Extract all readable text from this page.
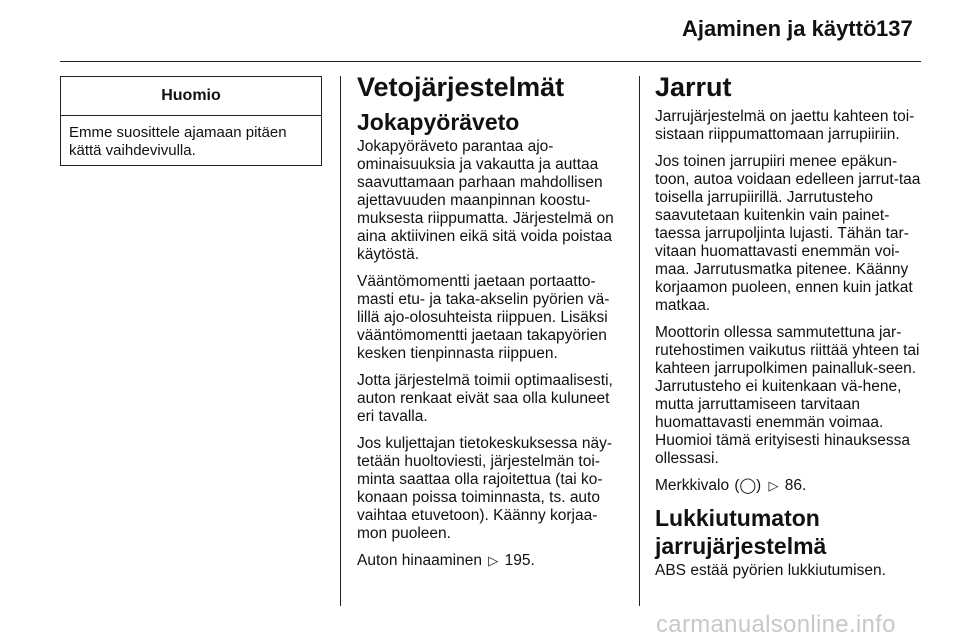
Ajaminen ja käyttö 137
Huomio
Emme suosittele ajamaan pitäen kättä vaihdevivulla.
Vetojärjestelmät
Jokapyöräveto

Jokapyöräveto parantaa ajo-ominaisuuksia ja vakautta ja auttaa saavuttamaan parhaan mahdollisen ajettavuuden maanpinnan koostu-muksesta riippumatta. Järjestelmä on aina aktiivinen eikä sitä voida poistaa käytöstä.

Vääntömomentti jaetaan portaatto-masti etu- ja taka-akselin pyörien vä-lillä ajo-olosuhteista riippuen. Lisäksi vääntömomentti jaetaan takapyörien kesken tienpinnasta riippuen.

Jotta järjestelmä toimii optimaalisesti, auton renkaat eivät saa olla kuluneet eri tavalla.

Jos kuljettajan tietokeskuksessa näy-tetään huoltoviesti, järjestelmän toi-minta saattaa olla rajoitettua (tai ko-konaan poissa toiminnasta, ts. auto vaihtaa etuvetoon). Käänny korjaa-mon puoleen.

Auton hinaaminen ▷ 195.

Jarrut

Jarrujärjestelmä on jaettu kahteen toi-sistaan riippumattomaan jarrupiiriin.

Jos toinen jarrupiiri menee epäkun-toon, autoa voidaan edelleen jarrut-taa toisella jarrupiirillä. Jarrutusteho saavutetaan kuitenkin vain painet-taessa jarrupoljinta lujasti. Tähän tar-vitaan huomattavasti enemmän voi-maa. Jarrutusmatka pitenee. Käänny korjaamon puoleen, ennen kuin jatkat matkaa.

Moottorin ollessa sammutettuna jar-rutehostimen vaikutus riittää yhteen tai kahteen jarrupolkimen painalluk-seen. Jarrutusteho ei kuitenkaan vä-hene, mutta jarruttamiseen tarvitaan huomattavasti enemmän voimaa. Huomioi tämä erityisesti hinauksessa ollessasi.

Merkkivalo (◯) ▷ 86.

Lukkiutumaton jarrujärjestelmä

ABS estää pyörien lukkiutumisen.

carmanualsonline.info
